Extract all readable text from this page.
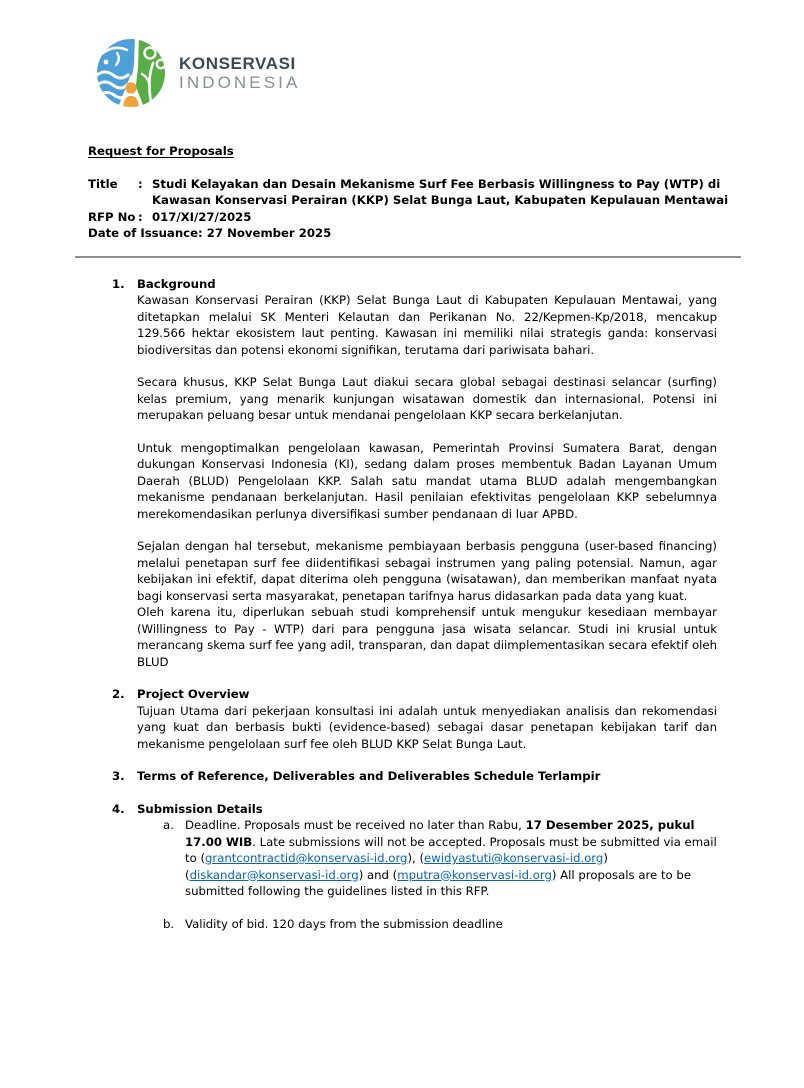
KONSERVASI
INDONESIA
Request for Proposals
Title	: Studi Kelayakan dan Desain Mekanisme Surf Fee Berbasis Willingness to Pay (WTP) di Kawasan Konservasi Perairan (KKP) Selat Bunga Laut, Kabupaten Kepulauan Mentawai
RFP No : 017/XI/27/2025
Date of Issuance: 27 November 2025
1.	Background

Kawasan Konservasi Perairan (KKP) Selat Bunga Laut di Kabupaten Kepulauan Mentawai, yang ditetapkan melalui SK Menteri Kelautan dan Perikanan No. 22/Kepmen-Kp/2018, mencakup 129.566 hektar ekosistem laut penting. Kawasan ini memiliki nilai strategis ganda: konservasi biodiversitas dan potensi ekonomi signifikan, terutama dari pariwisata bahari.

Secara khusus, KKP Selat Bunga Laut diakui secara global sebagai destinasi selancar (surfing) kelas premium, yang menarik kunjungan wisatawan domestik dan internasional. Potensi ini merupakan peluang besar untuk mendanai pengelolaan KKP secara berkelanjutan.

Untuk mengoptimalkan pengelolaan kawasan, Pemerintah Provinsi Sumatera Barat, dengan dukungan Konservasi Indonesia (KI), sedang dalam proses membentuk Badan Layanan Umum Daerah (BLUD) Pengelolaan KKP. Salah satu mandat utama BLUD adalah mengembangkan mekanisme pendanaan berkelanjutan. Hasil penilaian efektivitas pengelolaan KKP sebelumnya merekomendasikan perlunya diversifikasi sumber pendanaan di luar APBD.

Sejalan dengan hal tersebut, mekanisme pembiayaan berbasis pengguna (user-based financing) melalui penetapan surf fee diidentifikasi sebagai instrumen yang paling potensial. Namun, agar kebijakan ini efektif, dapat diterima oleh pengguna (wisatawan), dan memberikan manfaat nyata bagi konservasi serta masyarakat, penetapan tarifnya harus didasarkan pada data yang kuat.

Oleh karena itu, diperlukan sebuah studi komprehensif untuk mengukur kesediaan membayar (Willingness to Pay - WTP) dari para pengguna jasa wisata selancar. Studi ini krusial untuk merancang skema surf fee yang adil, transparan, dan dapat diimplementasikan secara efektif oleh BLUD

2.	Project Overview

Tujuan Utama dari pekerjaan konsultasi ini adalah untuk menyediakan analisis dan rekomendasi yang kuat dan berbasis bukti (evidence-based) sebagai dasar penetapan kebijakan tarif dan mekanisme pengelolaan surf fee oleh BLUD KKP Selat Bunga Laut.

3.	Terms of Reference, Deliverables and Deliverables Schedule Terlampir
4.	Submission Details
a. Deadline. Proposals must be received no later than Rabu, 17 Desember 2025, pukul 17.00 WIB. Late submissions will not be accepted. Proposals must be submitted via email to (grantcontractid@konservasi-id.org), (ewidyastuti@konservasi-id.org) (diskandar@konservasi-id.org) and (mputra@konservasi-id.org) All proposals are to be submitted following the guidelines listed in this RFP.
b. Validity of bid. 120 days from the submission deadline
